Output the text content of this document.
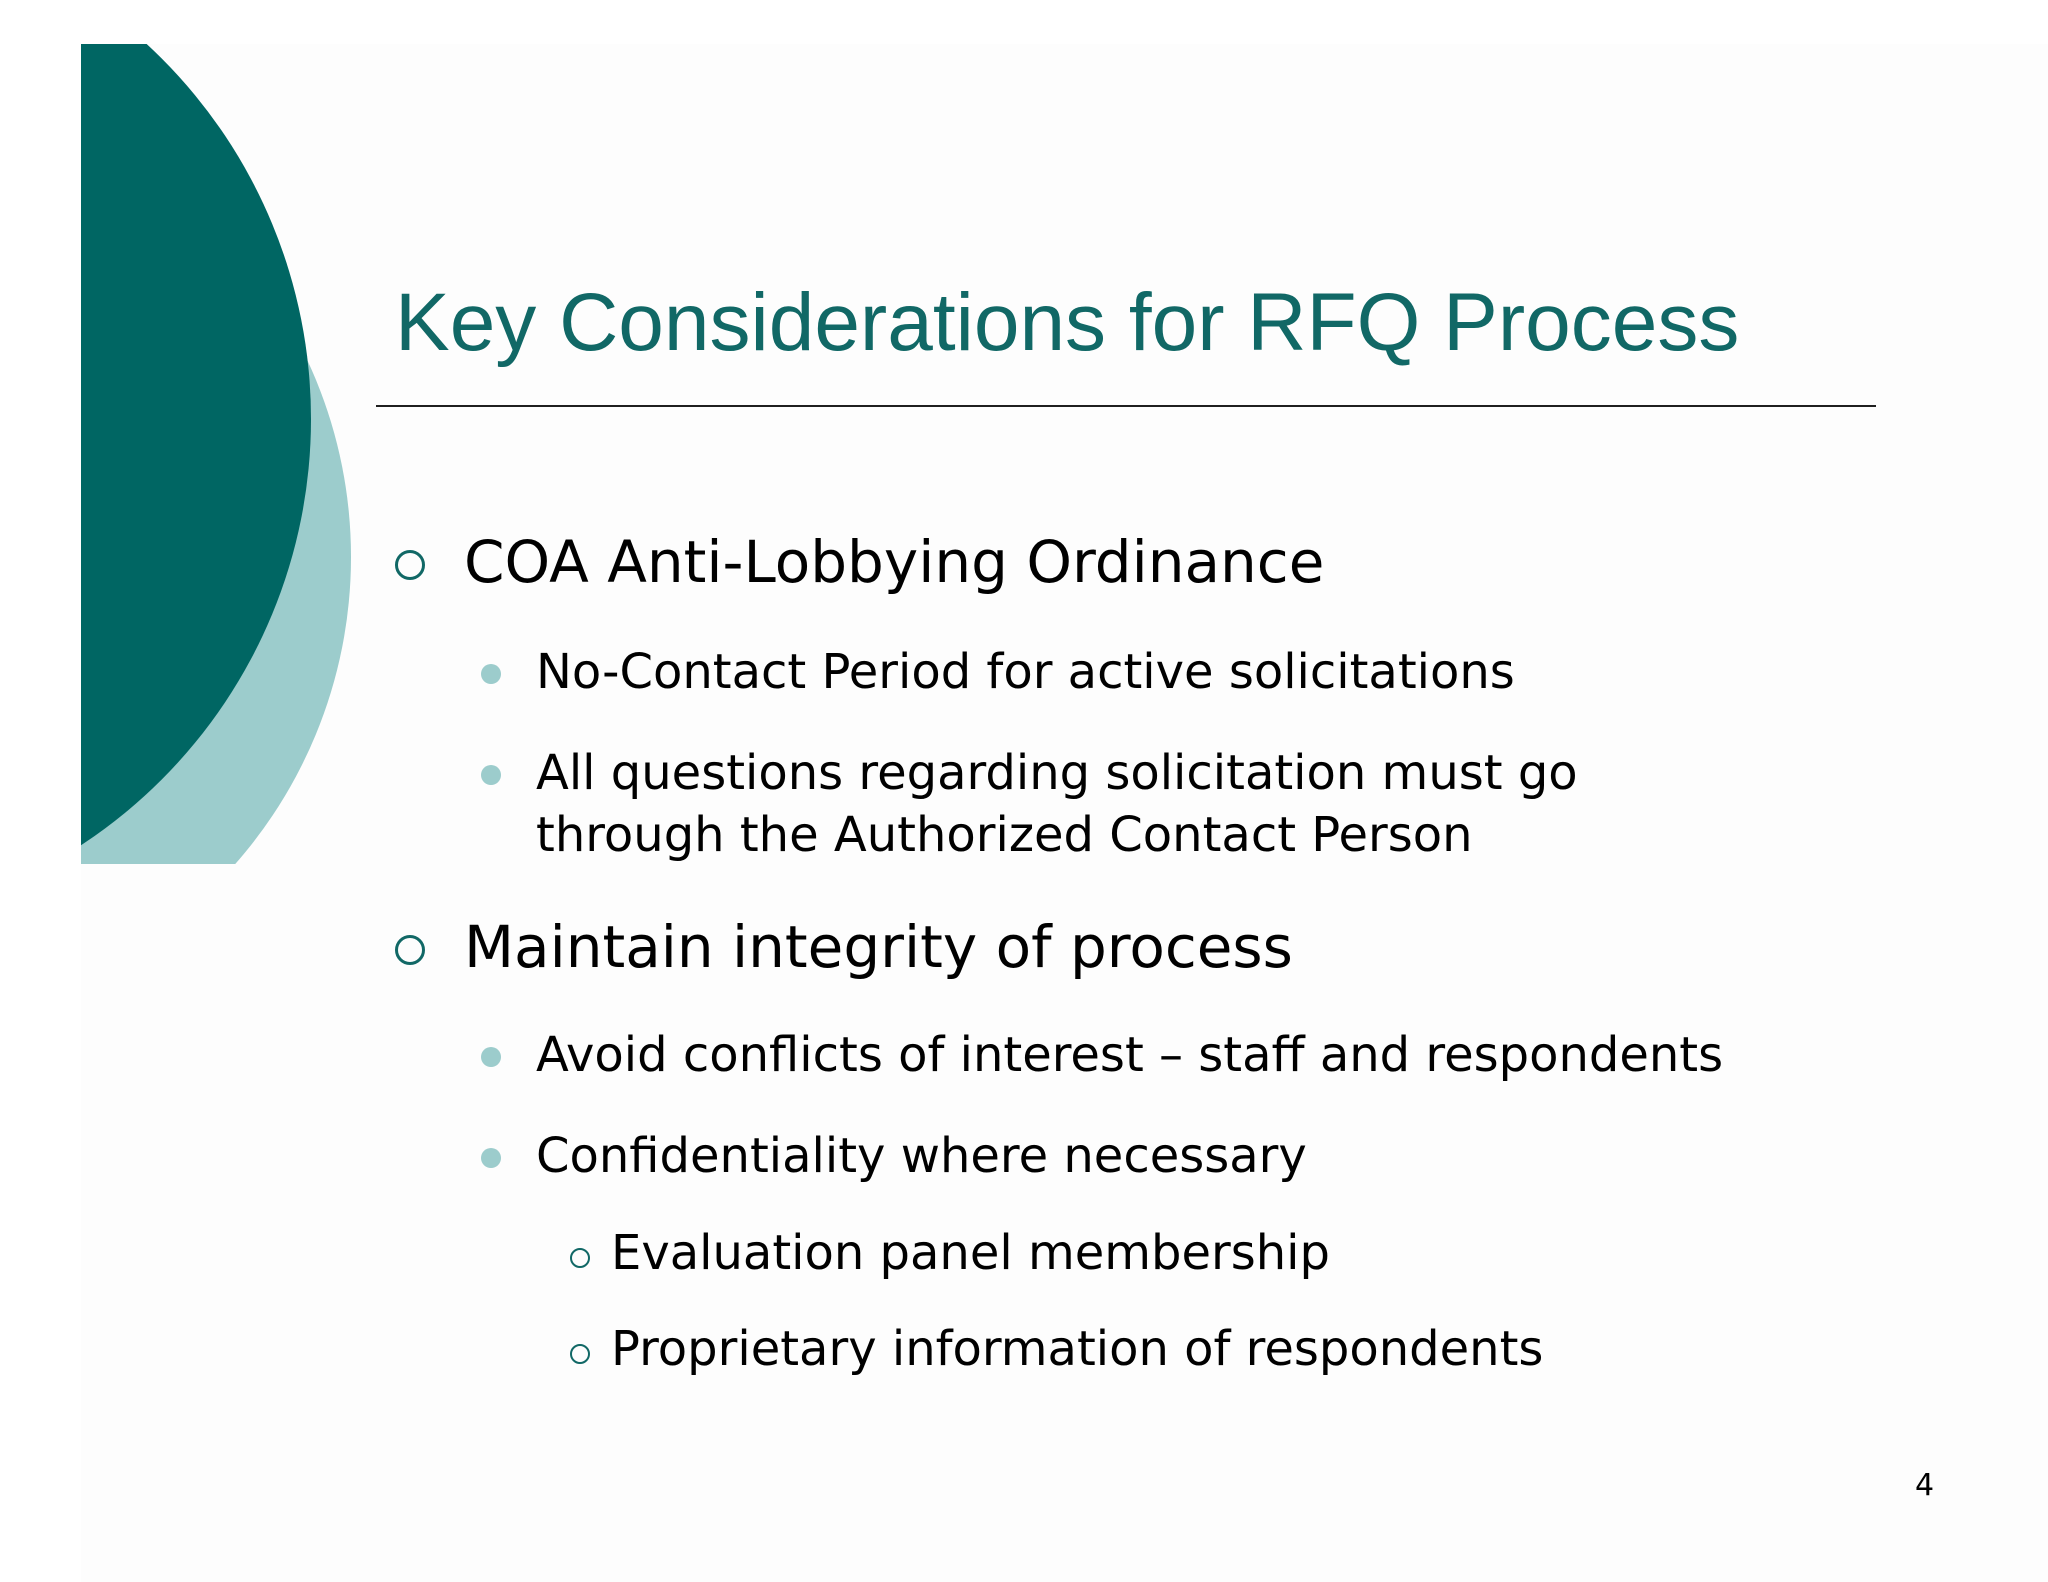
Key Considerations for RFQ Process
COA Anti-Lobbying Ordinance
No-Contact Period for active solicitations
All questions regarding solicitation must go
through the Authorized Contact Person
Maintain integrity of process
Avoid conflicts of interest – staff and respondents
Confidentiality where necessary
Evaluation panel membership
Proprietary information of respondents
4
